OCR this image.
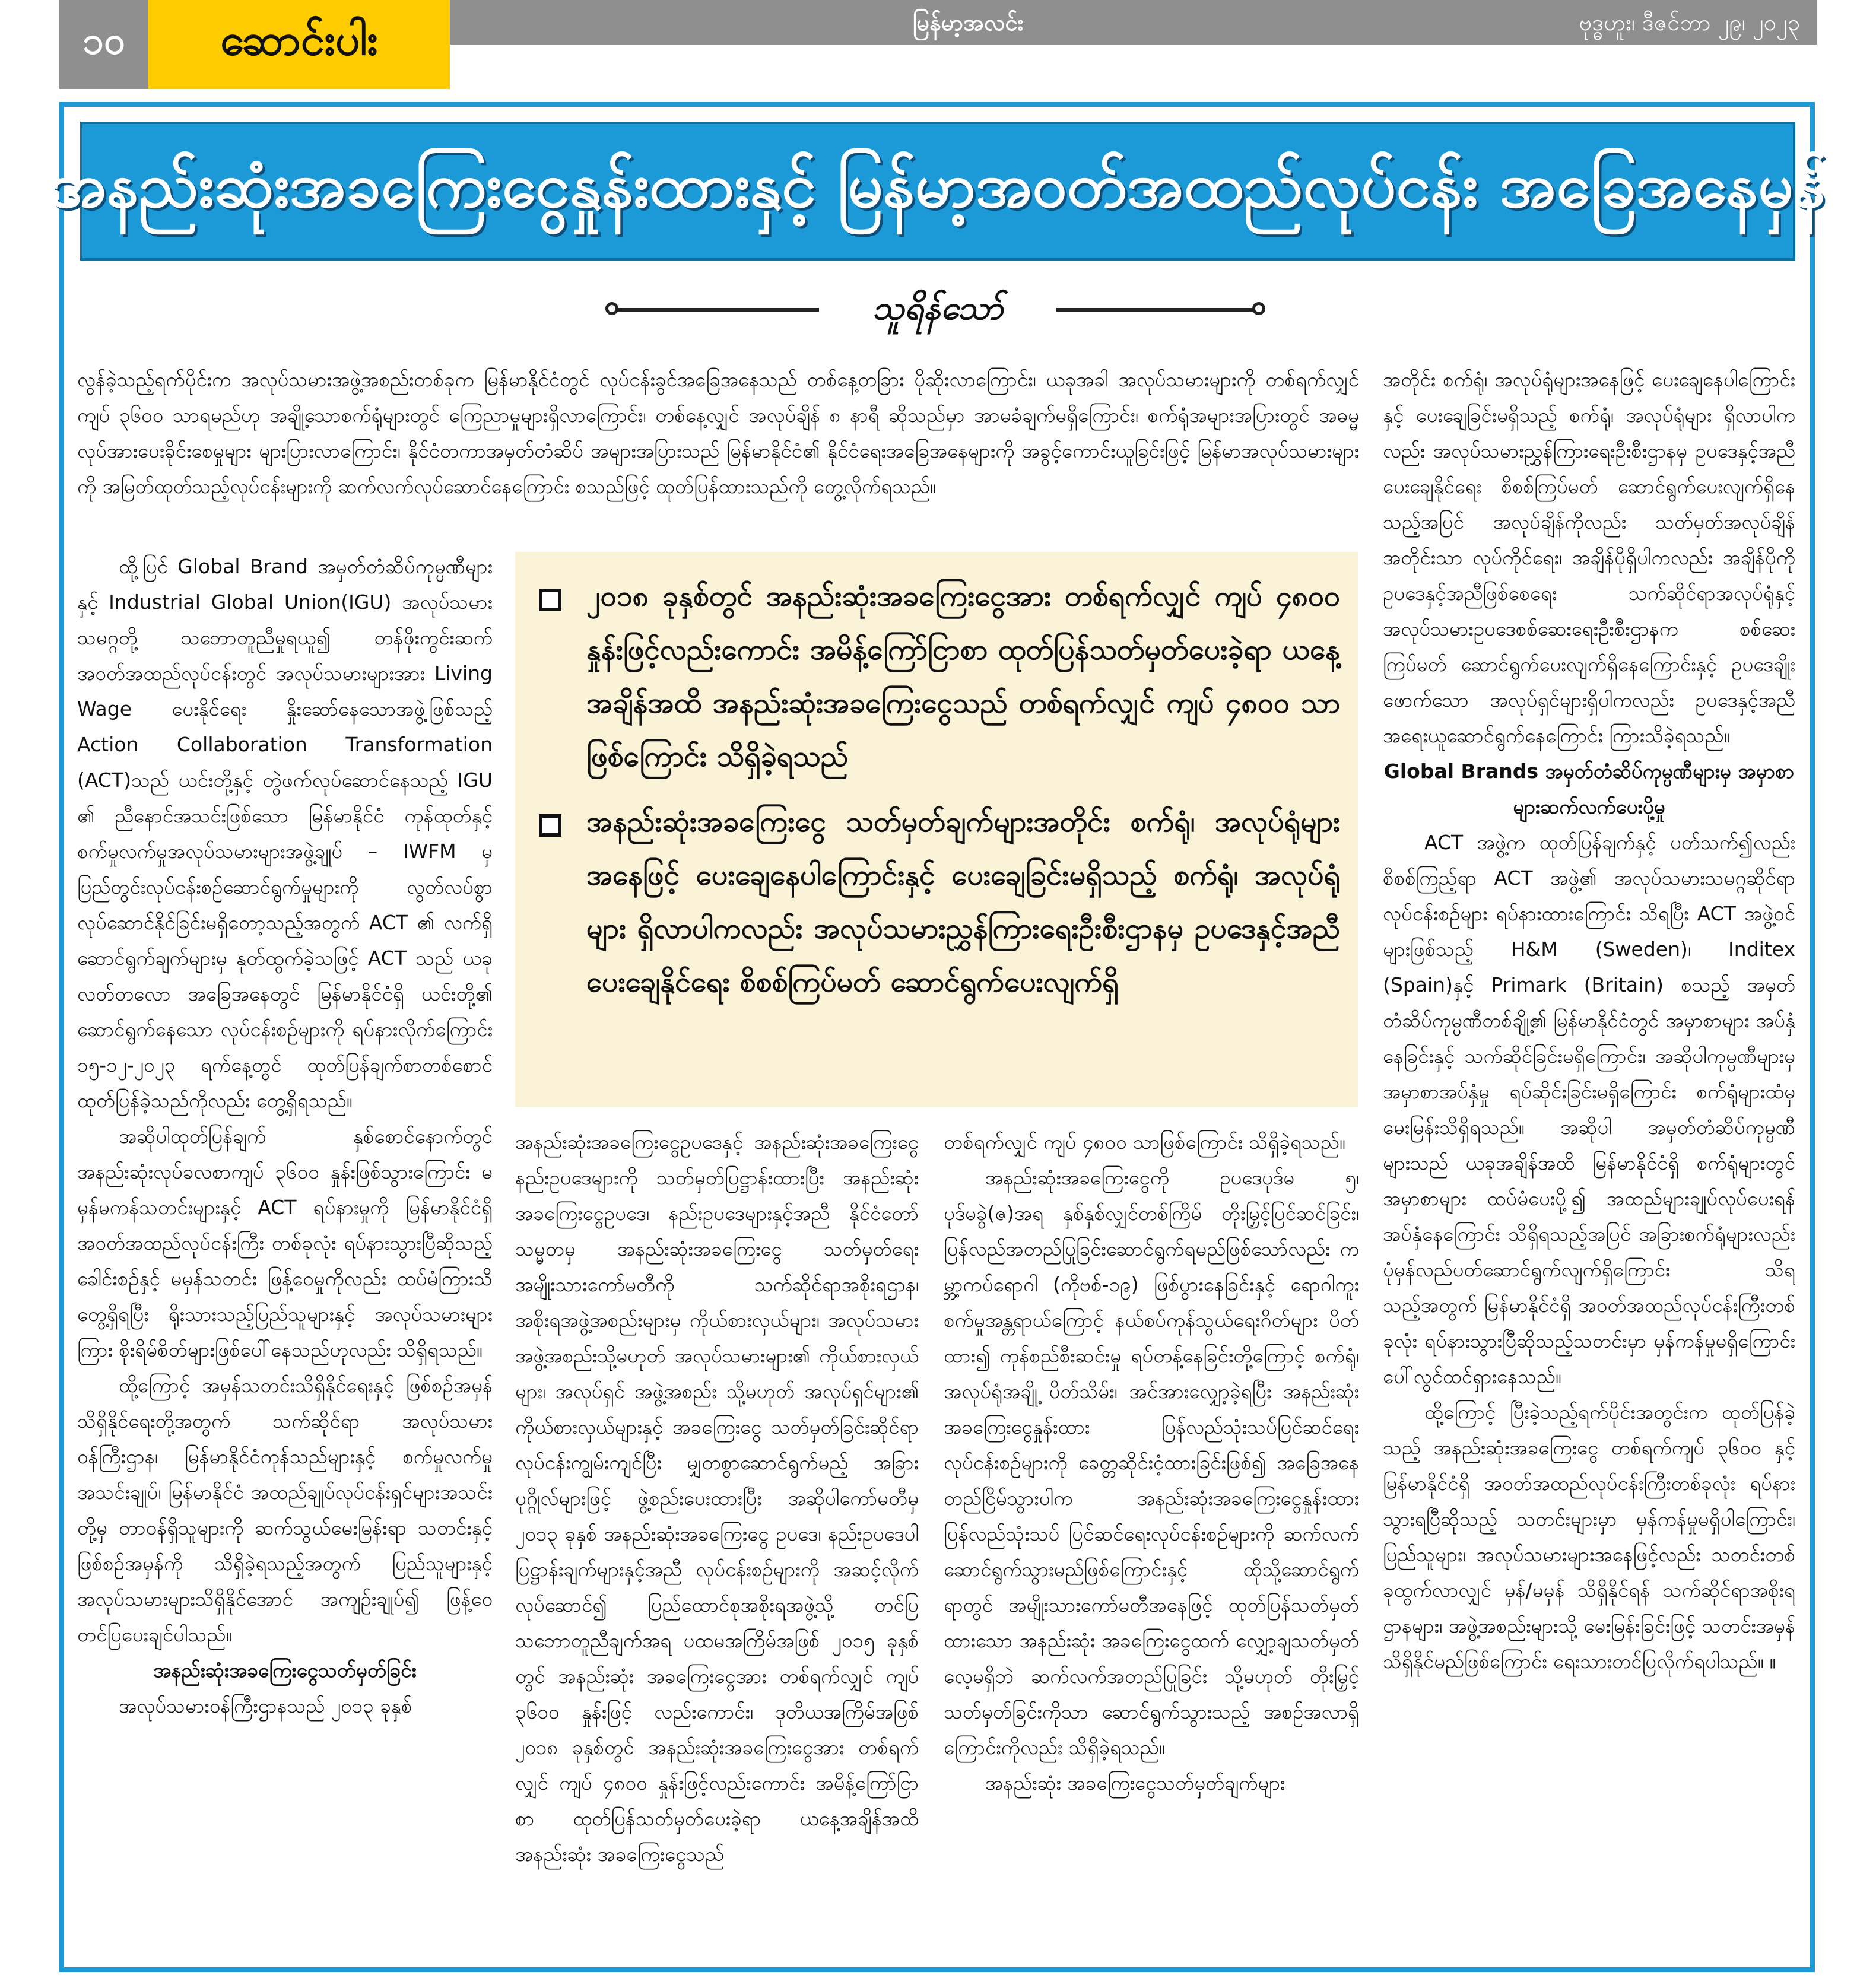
၁၀	ဆောင်းပါး	မြန်မာ့အလင်း	ဗုဒ္ဓဟူး၊ ဒီဇင်ဘာ ၂၉၊ ၂၀၂၃
အနည်းဆုံးအခကြေးငွေနှုန်းထားနှင့် မြန်မာ့အဝတ်အထည်လုပ်ငန်း အခြေအနေမှန်
သူရိန်သော်

လွန်ခဲ့သည့်ရက်ပိုင်းက အလုပ်သမားအဖွဲ့အစည်းတစ်ခုက မြန်မာနိုင်ငံတွင် လုပ်ငန်းခွင်အခြေအနေသည် တစ်နေ့တခြား ပိုဆိုးလာကြောင်း၊ ယခုအခါ အလုပ်သမားများကို တစ်ရက်လျှင် ကျပ် ၃၆၀၀ သာရမည်ဟု အချို့သောစက်ရုံများတွင် ကြေညာမှုများရှိလာကြောင်း၊ တစ်နေ့လျှင် အလုပ်ချိန် ၈ နာရီ ဆိုသည်မှာ အာမခံချက်မရှိကြောင်း၊ စက်ရုံအများအပြားတွင် အဓမ္မလုပ်အားပေးခိုင်းစေမှုများ များပြားလာကြောင်း၊ နိုင်ငံတကာအမှတ်တံဆိပ် အများအပြားသည် မြန်မာနိုင်ငံ၏ နိုင်ငံရေးအခြေအနေများကို အခွင့်ကောင်းယူခြင်းဖြင့် မြန်မာအလုပ်သမားများကို အမြတ်ထုတ်သည့်လုပ်ငန်းများကို ဆက်လက်လုပ်ဆောင်နေကြောင်း စသည်ဖြင့် ထုတ်ပြန်ထားသည်ကို တွေ့လိုက်ရသည်။

ထို့ပြင် Global Brand အမှတ်တံဆိပ်ကုမ္ပဏီများနှင့် Industrial Global Union(IGU) အလုပ်သမားသမဂ္ဂတို့ သဘောတူညီမှုရယူ၍ တန်ဖိုးကွင်းဆက် အဝတ်အထည်လုပ်ငန်းတွင် အလုပ်သမားများအား Living Wage ပေးနိုင်ရေး နှိုးဆော်နေသောအဖွဲ့ဖြစ်သည့် Action Collaboration Transformation (ACT)သည် ယင်းတို့နှင့် တွဲဖက်လုပ်ဆောင်နေသည့် IGU ၏ ညီနောင်အသင်းဖြစ်သော မြန်မာနိုင်ငံ ကုန်ထုတ်နှင့် စက်မှုလက်မှုအလုပ်သမားများအဖွဲ့ချုပ် – IWFM မှ ပြည်တွင်းလုပ်ငန်းစဉ်ဆောင်ရွက်မှုများကို လွတ်လပ်စွာ လုပ်ဆောင်နိုင်ခြင်းမရှိတော့သည့်အတွက် ACT ၏ လက်ရှိဆောင်ရွက်ချက်များမှ နုတ်ထွက်ခဲ့သဖြင့် ACT သည် ယခု လတ်တလော အခြေအနေတွင် မြန်မာနိုင်ငံရှိ ယင်းတို့၏ ဆောင်ရွက်နေသော လုပ်ငန်းစဉ်များကို ရပ်နားလိုက်ကြောင်း ၁၅-၁၂-၂၀၂၃ ရက်နေ့တွင် ထုတ်ပြန်ချက်စာတစ်စောင် ထုတ်ပြန်ခဲ့သည်ကိုလည်း တွေ့ရှိရသည်။

အဆိုပါထုတ်ပြန်ချက် နှစ်စောင်နောက်တွင် အနည်းဆုံးလုပ်ခလစာကျပ် ၃၆၀၀ နှုန်းဖြစ်သွားကြောင်း မမှန်မကန်သတင်းများနှင့် ACT ရပ်နားမှုကို မြန်မာနိုင်ငံရှိ အဝတ်အထည်လုပ်ငန်းကြီး တစ်ခုလုံး ရပ်နားသွားပြီဆိုသည့် ခေါင်းစဉ်နှင့် မမှန်သတင်း ဖြန့်ဝေမှုကိုလည်း ထပ်မံကြားသိတွေ့ရှိရပြီး ရိုးသားသည့်ပြည်သူများနှင့် အလုပ်သမားများကြား စိုးရိမ်စိတ်များဖြစ်ပေါ်နေသည်ဟုလည်း သိရှိရသည်။

ထို့ကြောင့် အမှန်သတင်းသိရှိနိုင်ရေးနှင့် ဖြစ်စဉ်အမှန်သိရှိနိုင်ရေးတို့အတွက် သက်ဆိုင်ရာ အလုပ်သမားဝန်ကြီးဌာန၊ မြန်မာနိုင်ငံကုန်သည်များနှင့် စက်မှုလက်မှုအသင်းချုပ်၊ မြန်မာနိုင်ငံ အထည်ချုပ်လုပ်ငန်းရှင်များအသင်းတို့မှ တာဝန်ရှိသူများကို ဆက်သွယ်မေးမြန်းရာ သတင်းနှင့် ဖြစ်စဉ်အမှန်ကို သိရှိခဲ့ရသည့်အတွက် ပြည်သူများနှင့် အလုပ်သမားများသိရှိနိုင်အောင် အကျဉ်းချုပ်၍ ဖြန့်ဝေတင်ပြပေးချင်ပါသည်။

အနည်းဆုံးအခကြေးငွေသတ်မှတ်ခြင်း

အလုပ်သမားဝန်ကြီးဌာနသည် ၂၀၁၃ ခုနှစ်

၂၀၁၈ ခုနှစ်တွင် အနည်းဆုံးအခကြေးငွေအား တစ်ရက်လျှင် ကျပ် ၄၈၀၀ နှုန်းဖြင့်လည်းကောင်း အမိန့်ကြော်ငြာစာ ထုတ်ပြန်သတ်မှတ်ပေးခဲ့ရာ ယနေ့အချိန်အထိ အနည်းဆုံးအခကြေးငွေသည် တစ်ရက်လျှင် ကျပ် ၄၈၀၀ သာဖြစ်ကြောင်း သိရှိခဲ့ရသည်
အနည်းဆုံးအခကြေးငွေ သတ်မှတ်ချက်များအတိုင်း စက်ရုံ၊ အလုပ်ရုံများအနေဖြင့် ပေးချေနေပါကြောင်းနှင့် ပေးချေခြင်းမရှိသည့် စက်ရုံ၊ အလုပ်ရုံများ ရှိလာပါကလည်း အလုပ်သမားညွှန်ကြားရေးဦးစီးဌာနမှ ဥပဒေနှင့်အညီ ပေးချေနိုင်ရေး စိစစ်ကြပ်မတ် ဆောင်ရွက်ပေးလျက်ရှိ

အနည်းဆုံးအခကြေးငွေဥပဒေနှင့် အနည်းဆုံးအခကြေးငွေနည်းဥပဒေများကို သတ်မှတ်ပြဋ္ဌာန်းထားပြီး အနည်းဆုံးအခကြေးငွေဥပဒေ၊ နည်းဥပဒေများနှင့်အညီ နိုင်ငံတော်သမ္မတမှ အနည်းဆုံးအခကြေးငွေ သတ်မှတ်ရေး အမျိုးသားကော်မတီကို သက်ဆိုင်ရာအစိုးရဌာန၊ အစိုးရအဖွဲ့အစည်းများမှ ကိုယ်စားလှယ်များ၊ အလုပ်သမားအဖွဲ့အစည်းသို့မဟုတ် အလုပ်သမားများ၏ ကိုယ်စားလှယ်များ၊ အလုပ်ရှင် အဖွဲ့အစည်း သို့မဟုတ် အလုပ်ရှင်များ၏ ကိုယ်စားလှယ်များနှင့် အခကြေးငွေ သတ်မှတ်ခြင်းဆိုင်ရာ လုပ်ငန်းကျွမ်းကျင်ပြီး မျှတစွာဆောင်ရွက်မည့် အခြားပုဂ္ဂိုလ်များဖြင့် ဖွဲ့စည်းပေးထားပြီး အဆိုပါကော်မတီမှ ၂၀၁၃ ခုနှစ် အနည်းဆုံးအခကြေးငွေ ဥပဒေ၊ နည်းဥပဒေပါပြဋ္ဌာန်းချက်များနှင့်အညီ လုပ်ငန်းစဉ်များကို အဆင့်လိုက်လုပ်ဆောင်၍ ပြည်ထောင်စုအစိုးရအဖွဲ့သို့ တင်ပြသဘောတူညီချက်အရ ပထမအကြိမ်အဖြစ် ၂၀၁၅ ခုနှစ်တွင် အနည်းဆုံး အခကြေးငွေအား တစ်ရက်လျှင် ကျပ် ၃၆၀၀ နှုန်းဖြင့် လည်းကောင်း၊ ဒုတိယအကြိမ်အဖြစ် ၂၀၁၈ ခုနှစ်တွင် အနည်းဆုံးအခကြေးငွေအား တစ်ရက်လျှင် ကျပ် ၄၈၀၀ နှုန်းဖြင့်လည်းကောင်း အမိန့်ကြော်ငြာစာ ထုတ်ပြန်သတ်မှတ်ပေးခဲ့ရာ ယနေ့အချိန်အထိ အနည်းဆုံး အခကြေးငွေသည်

တစ်ရက်လျှင် ကျပ် ၄၈၀၀ သာဖြစ်ကြောင်း သိရှိခဲ့ရသည်။

အနည်းဆုံးအခကြေးငွေကို ဥပဒေပုဒ်မ ၅၊ ပုဒ်မခွဲ(ဇ)အရ နှစ်နှစ်လျှင်တစ်ကြိမ် တိုးမြှင့်ပြင်ဆင်ခြင်း၊ ပြန်လည်အတည်ပြုခြင်းဆောင်ရွက်ရမည်ဖြစ်သော်လည်း ကမ္ဘာ့ကပ်ရောဂါ (ကိုဗစ်-၁၉) ဖြစ်ပွားနေခြင်းနှင့် ရောဂါကူးစက်မှုအန္တရာယ်ကြောင့် နယ်စပ်ကုန်သွယ်ရေးဂိတ်များ ပိတ်ထား၍ ကုန်စည်စီးဆင်းမှု ရပ်တန့်နေခြင်းတို့ကြောင့် စက်ရုံ၊ အလုပ်ရုံအချို့ ပိတ်သိမ်း၊ အင်အားလျှော့ခဲ့ရပြီး အနည်းဆုံး အခကြေးငွေနှုန်းထား ပြန်လည်သုံးသပ်ပြင်ဆင်ရေး လုပ်ငန်းစဉ်များကို ခေတ္တဆိုင်းငံ့ထားခြင်းဖြစ်၍ အခြေအနေ တည်ငြိမ်သွားပါက အနည်းဆုံးအခကြေးငွေနှုန်းထား ပြန်လည်သုံးသပ် ပြင်ဆင်ရေးလုပ်ငန်းစဉ်များကို ဆက်လက်ဆောင်ရွက်သွားမည်ဖြစ်ကြောင်းနှင့် ထိုသို့ဆောင်ရွက်ရာတွင် အမျိုးသားကော်မတီအနေဖြင့် ထုတ်ပြန်သတ်မှတ်ထားသော အနည်းဆုံး အခကြေးငွေထက် လျှော့ချသတ်မှတ်လေ့မရှိဘဲ ဆက်လက်အတည်ပြုခြင်း သို့မဟုတ် တိုးမြှင့်သတ်မှတ်ခြင်းကိုသာ ဆောင်ရွက်သွားသည့် အစဉ်အလာရှိကြောင်းကိုလည်း သိရှိခဲ့ရသည်။

အနည်းဆုံး အခကြေးငွေသတ်မှတ်ချက်များ

အတိုင်း စက်ရုံ၊ အလုပ်ရုံများအနေဖြင့် ပေးချေနေပါကြောင်းနှင့် ပေးချေခြင်းမရှိသည့် စက်ရုံ၊ အလုပ်ရုံများ ရှိလာပါကလည်း အလုပ်သမားညွှန်ကြားရေးဦးစီးဌာနမှ ဥပဒေနှင့်အညီ ပေးချေနိုင်ရေး စိစစ်ကြပ်မတ် ဆောင်ရွက်ပေးလျက်ရှိနေသည့်အပြင် အလုပ်ချိန်ကိုလည်း သတ်မှတ်အလုပ်ချိန်အတိုင်းသာ လုပ်ကိုင်ရေး၊ အချိန်ပိုရှိပါကလည်း အချိန်ပိုကို ဥပဒေနှင့်အညီဖြစ်စေရေး သက်ဆိုင်ရာအလုပ်ရုံနှင့် အလုပ်သမားဥပဒေစစ်ဆေးရေးဦးစီးဌာနက စစ်ဆေးကြပ်မတ် ဆောင်ရွက်ပေးလျက်ရှိနေကြောင်းနှင့် ဥပဒေချိုးဖောက်သော အလုပ်ရှင်များရှိပါကလည်း ဥပဒေနှင့်အညီ အရေးယူဆောင်ရွက်နေကြောင်း ကြားသိခဲ့ရသည်။

Global Brands အမှတ်တံဆိပ်ကုမ္ပဏီများမှ အမှာစာများဆက်လက်ပေးပို့မှု

ACT အဖွဲ့က ထုတ်ပြန်ချက်နှင့် ပတ်သက်၍လည်း စိစစ်ကြည့်ရာ ACT အဖွဲ့၏ အလုပ်သမားသမဂ္ဂဆိုင်ရာ လုပ်ငန်းစဉ်များ ရပ်နားထားကြောင်း သိရပြီး ACT အဖွဲ့ဝင်များဖြစ်သည့် H&M (Sweden)၊ Inditex (Spain)နှင့် Primark (Britain) စသည့် အမှတ်တံဆိပ်ကုမ္ပဏီတစ်ချို့၏ မြန်မာနိုင်ငံတွင် အမှာစာများ အပ်နှံနေခြင်းနှင့် သက်ဆိုင်ခြင်းမရှိကြောင်း၊ အဆိုပါကုမ္ပဏီများမှ အမှာစာအပ်နှံမှု ရပ်ဆိုင်းခြင်းမရှိကြောင်း စက်ရုံများထံမှ မေးမြန်းသိရှိရသည်။ အဆိုပါ အမှတ်တံဆိပ်ကုမ္ပဏီများသည် ယခုအချိန်အထိ မြန်မာနိုင်ငံရှိ စက်ရုံများတွင် အမှာစာများ ထပ်မံပေးပို့၍ အထည်များချုပ်လုပ်ပေးရန် အပ်နှံနေကြောင်း သိရှိရသည့်အပြင် အခြားစက်ရုံများလည်း ပုံမှန်လည်ပတ်ဆောင်ရွက်လျက်ရှိကြောင်း သိရသည့်အတွက် မြန်မာနိုင်ငံရှိ အဝတ်အထည်လုပ်ငန်းကြီးတစ်ခုလုံး ရပ်နားသွားပြီဆိုသည့်သတင်းမှာ မှန်ကန်မှုမရှိကြောင်း ပေါ်လွင်ထင်ရှားနေသည်။

ထို့ကြောင့် ပြီးခဲ့သည့်ရက်ပိုင်းအတွင်းက ထုတ်ပြန်ခဲ့သည့် အနည်းဆုံးအခကြေးငွေ တစ်ရက်ကျပ် ၃၆၀၀ နှင့် မြန်မာနိုင်ငံရှိ အဝတ်အထည်လုပ်ငန်းကြီးတစ်ခုလုံး ရပ်နားသွားရပြီဆိုသည့် သတင်းများမှာ မှန်ကန်မှုမရှိပါကြောင်း၊ ပြည်သူများ၊ အလုပ်သမားများအနေဖြင့်လည်း သတင်းတစ်ခုထွက်လာလျှင် မှန်/မမှန် သိရှိနိုင်ရန် သက်ဆိုင်ရာအစိုးရဌာနများ၊ အဖွဲ့အစည်းများသို့ မေးမြန်းခြင်းဖြင့် သတင်းအမှန် သိရှိနိုင်မည်ဖြစ်ကြောင်း ရေးသားတင်ပြလိုက်ရပါသည်။ ။
